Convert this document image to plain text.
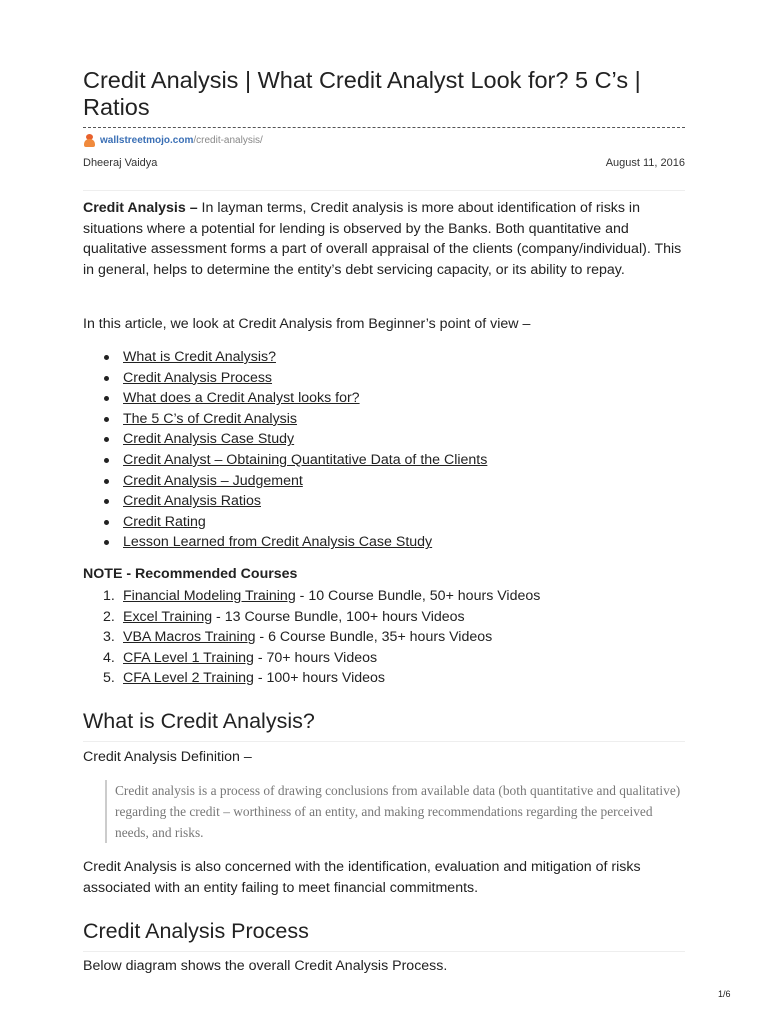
Credit Analysis | What Credit Analyst Look for? 5 C’s | Ratios
wallstreetmojo.com /credit-analysis/
Dheeraj Vaidya	August 11, 2016

Credit Analysis – In layman terms, Credit analysis is more about identification of risks in situations where a potential for lending is observed by the Banks. Both quantitative and qualitative assessment forms a part of overall appraisal of the clients (company/individual). This in general, helps to determine the entity’s debt servicing capacity, or its ability to repay.

In this article, we look at Credit Analysis from Beginner’s point of view –

What is Credit Analysis?
Credit Analysis Process
What does a Credit Analyst looks for?
The 5 C’s of Credit Analysis
Credit Analysis Case Study
Credit Analyst – Obtaining Quantitative Data of the Clients
Credit Analysis – Judgement
Credit Analysis Ratios
Credit Rating
Lesson Learned from Credit Analysis Case Study

NOTE - Recommended Courses

1. Financial Modeling Training - 10 Course Bundle, 50+ hours Videos
2. Excel Training - 13 Course Bundle, 100+ hours Videos
3. VBA Macros Training - 6 Course Bundle, 35+ hours Videos
4. CFA Level 1 Training - 70+ hours Videos
5. CFA Level 2 Training - 100+ hours Videos
What is Credit Analysis?

Credit Analysis Definition –

Credit analysis is a process of drawing conclusions from available data (both quantitative and qualitative) regarding the credit – worthiness of an entity, and making recommendations regarding the perceived needs, and risks.

Credit Analysis is also concerned with the identification, evaluation and mitigation of risks associated with an entity failing to meet financial commitments.

Credit Analysis Process

Below diagram shows the overall Credit Analysis Process.

1/6
